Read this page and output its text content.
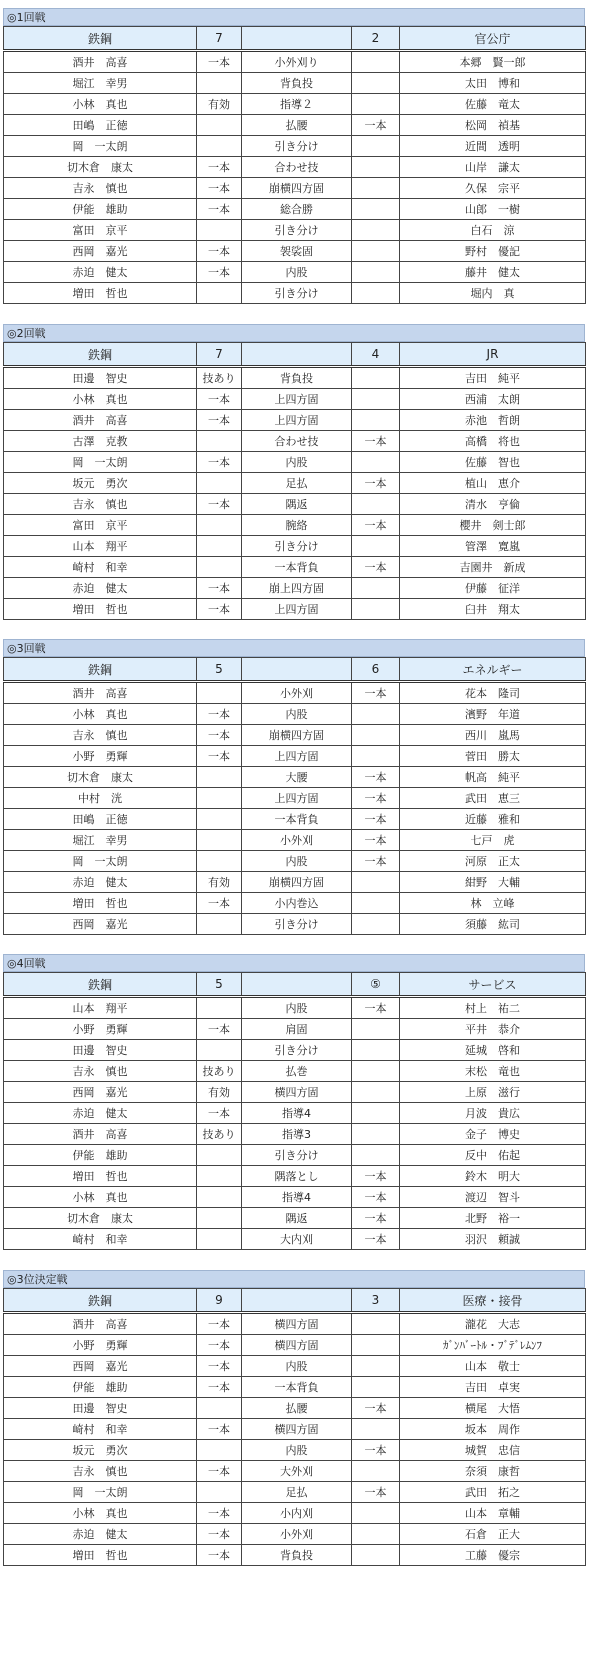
◎1回戦
鉄鋼	7		2	官公庁
酒井　高喜	一本	小外刈り		本郷　賢一郎
堀江　幸男		背負投		太田　博和
小林　真也	有効	指導２		佐藤　竜太
田嶋　正徳		払腰	一本	松岡　禎基
岡　一太朗		引き分け		近間　透明
切木倉　康太	一本	合わせ技		山岸　謙太
吉永　慎也	一本	崩横四方固		久保　宗平
伊能　雄助	一本	総合勝		山郎　一樹
富田　京平		引き分け		白石　涼
西岡　嘉光	一本	袈裟固		野村　優記
赤迫　健太	一本	内股		藤井　健太
増田　哲也		引き分け		堀内　真
◎2回戦
鉄鋼	7		4	JR
田邊　智史	技あり	背負投		吉田　純平
小林　真也	一本	上四方固		西浦　太朗
酒井　高喜	一本	上四方固		赤池　哲朗
古澤　克教		合わせ技	一本	高橋　将也
岡　一太朗	一本	内股		佐藤　智也
坂元　勇次		足払	一本	植山　恵介
吉永　慎也	一本	隅返		清水　亨倫
富田　京平		腕絡	一本	櫻井　剣士郎
山本　翔平		引き分け		管澤　寛嵐
崎村　和幸		一本背負	一本	吉園井　新成
赤迫　健太	一本	崩上四方固		伊藤　征洋
増田　哲也	一本	上四方固		臼井　翔太
◎3回戦
鉄鋼	5		6	エネルギー
酒井　高喜		小外刈	一本	花本　隆司
小林　真也	一本	内股		濱野　年道
吉永　慎也	一本	崩横四方固		西川　嵐馬
小野　勇輝	一本	上四方固		菅田　勝太
切木倉　康太		大腰	一本	帆高　純平
中村　洸		上四方固	一本	武田　恵三
田嶋　正徳		一本背負	一本	近藤　雅和
堀江　幸男		小外刈	一本	七戸　虎
岡　一太朗		内股	一本	河原　正太
赤迫　健太	有効	崩横四方固		紺野　大輔
増田　哲也	一本	小内巻込		林　立峰
西岡　嘉光		引き分け		須藤　紘司
◎4回戦
鉄鋼	5		⑤	サービス
山本　翔平		内股	一本	村上　祐二
小野　勇輝	一本	肩固		平井　恭介
田邊　智史		引き分け		延城　啓和
吉永　慎也	技あり	払巻		末松　竜也
西岡　嘉光	有効	横四方固		上原　滋行
赤迫　健太	一本	指導4		月波　貴広
酒井　高喜	技あり	指導3		金子　博史
伊能　雄助		引き分け		反中　佑起
増田　哲也		隅落とし	一本	鈴木　明大
小林　真也		指導4	一本	渡辺　智斗
切木倉　康太		隅返	一本	北野　裕一
崎村　和幸		大内刈	一本	羽沢　頼誠
◎3位決定戦
鉄鋼	9		3	医療・接骨
酒井　高喜	一本	横四方固		瀧花　大志
小野　勇輝	一本	横四方固		ｶﾞﾝﾊﾞｰﾄﾙ・ﾌﾞﾃﾞﾚﾑﾝﾌ
西岡　嘉光	一本	内股		山本　敬士
伊能　雄助	一本	一本背負		吉田　卓実
田邊　智史		払腰	一本	横尾　大悟
崎村　和幸	一本	横四方固		坂本　周作
坂元　勇次		内股	一本	城賀　忠信
吉永　慎也	一本	大外刈		奈須　康哲
岡　一太朗		足払	一本	武田　拓之
小林　真也	一本	小内刈		山本　章輔
赤迫　健太	一本	小外刈		石倉　正大
増田　哲也	一本	背負投		工藤　優宗
